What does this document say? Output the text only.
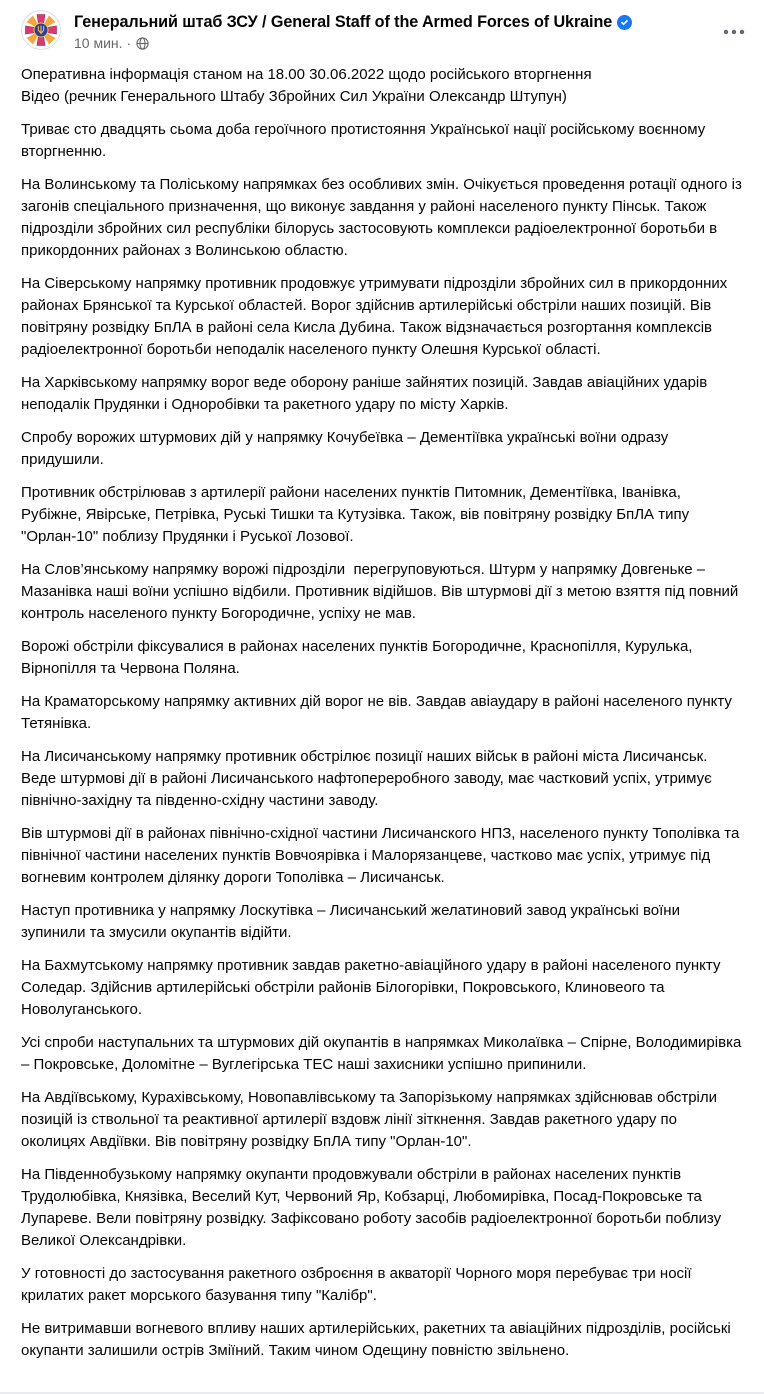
Генеральний штаб ЗСУ / General Staff of the Armed Forces of Ukraine
10 мин. ·

Оперативна інформація станом на 18.00 30.06.2022 щодо російського вторгнення

Відео (речник Генерального Штабу Збройних Сил України Олександр Штупун)

Триває сто двадцять сьома доба героїчного протистояння Української нації російському воєнному вторгненню.

На Волинському та Поліському напрямках без особливих змін. Очікується проведення ротації одного із загонів спеціального призначення, що виконує завдання у районі населеного пункту Пінськ. Також підрозділи збройних сил республіки білорусь застосовують комплекси радіоелектронної боротьби в прикордонних районах з Волинською областю.

На Сіверському напрямку противник продовжує утримувати підрозділи збройних сил в прикордонних районах Брянської та Курської областей. Ворог здійснив артилерійські обстріли наших позицій. Вів повітряну розвідку БпЛА в районі села Кисла Дубина. Також відзначається розгортання комплексів радіоелектронної боротьби неподалік населеного пункту Олешня Курської області.

На Харківському напрямку ворог веде оборону раніше зайнятих позицій. Завдав авіаційних ударів неподалік Прудянки і Одноробівки та ракетного удару по місту Харків.

Спробу ворожих штурмових дій у напрямку Кочубеївка – Дементіївка українські воїни одразу придушили.

Противник обстрілював з артилерії райони населених пунктів Питомник, Дементіївка, Іванівка, Рубіжне, Явірське, Петрівка, Руські Тишки та Кутузівка. Також, вів повітряну розвідку БпЛА типу "Орлан-10" поблизу Прудянки і Руської Лозової.

На Слов’янському напрямку ворожі підрозділи  перегруповуються. Штурм у напрямку Довгеньке – Мазанівка наші воїни успішно відбили. Противник відійшов. Вів штурмові дії з метою взяття під повний контроль населеного пункту Богородичне, успіху не мав.

Ворожі обстріли фіксувалися в районах населених пунктів Богородичне, Краснопілля, Курулька, Вірнопілля та Червона Поляна.

На Краматорському напрямку активних дій ворог не вів. Завдав авіаудару в районі населеного пункту Тетянівка.

На Лисичанському напрямку противник обстрілює позиції наших військ в районі міста Лисичанськ. Веде штурмові дії в районі Лисичанського нафтопереробного заводу, має частковий успіх, утримує північно-західну та південно-східну частини заводу.

Вів штурмові дії в районах північно-східної частини Лисичанского НПЗ, населеного пункту Тополівка та північної частини населених пунктів Вовчоярівка і Малорязанцеве, частково має успіх, утримує під вогневим контролем ділянку дороги Тополівка – Лисичанськ.

Наступ противника у напрямку Лоскутівка – Лисичанський желатиновий завод українські воїни зупинили та змусили окупантів відійти.

На Бахмутському напрямку противник завдав ракетно-авіаційного удару в районі населеного пункту Соледар. Здійснив артилерійські обстріли районів Білогорівки, Покровського, Клиновеого та Новолуганського.

Усі спроби наступальних та штурмових дій окупантів в напрямках Миколаївка – Спірне, Володимирівка – Покровське, Доломітне – Вуглегірська ТЕС наші захисники успішно припинили.

На Авдіївському, Курахівському, Новопавлівському та Запорізькому напрямках здійснював обстріли позицій із ствольної та реактивної артилерії вздовж лінії зіткнення. Завдав ракетного удару по околицях Авдіївки. Вів повітряну розвідку БпЛА типу "Орлан-10".

На Південнобузькому напрямку окупанти продовжували обстріли в районах населених пунктів Трудолюбівка, Князівка, Веселий Кут, Червоний Яр, Кобзарці, Любомирівка, Посад-Покровське та Лупареве. Вели повітряну розвідку. Зафіксовано роботу засобів радіоелектронної боротьби поблизу Великої Олександрівки.

У готовності до застосування ракетного озброєння в акваторії Чорного моря перебуває три носії крилатих ракет морського базування типу "Калібр".

Не витримавши вогневого впливу наших артилерійських, ракетних та авіаційних підрозділів, російські окупанти залишили острів Зміїний. Таким чином Одещину повністю звільнено.
